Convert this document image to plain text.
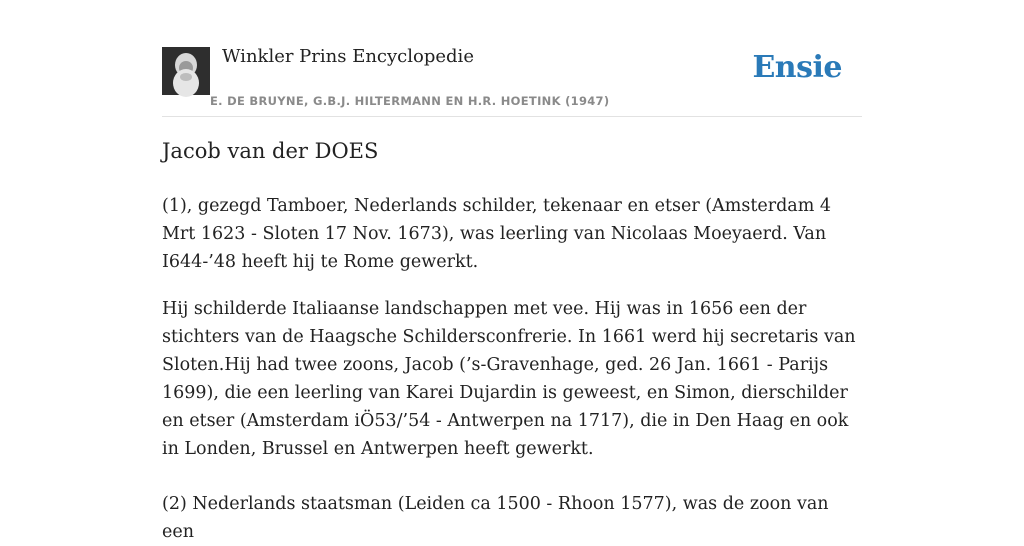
Winkler Prins Encyclopedie
E. DE BRUYNE, G.B.J. HILTERMANN EN H.R. HOETINK (1947)
Ensie
Jacob van der DOES

(1), gezegd Tamboer, Nederlands schilder, tekenaar en etser (Amsterdam 4 Mrt 1623 - Sloten 17 Nov. 1673), was leerling van Nicolaas Moeyaerd. Van I644-’48 heeft hij te Rome gewerkt.

Hij schilderde Italiaanse landschappen met vee. Hij was in 1656 een der stichters van de Haagsche Schildersconfrerie. In 1661 werd hij secretaris van Sloten.Hij had twee zoons, Jacob (’s-Gravenhage, ged. 26 Jan. 1661 - Parijs 1699), die een leerling van Karei Dujardin is geweest, en Simon, dierschilder en etser (Amsterdam iÖ53/’54 - Antwerpen na 1717), die in Den Haag en ook in Londen, Brussel en Antwerpen heeft gewerkt.

(2) Nederlands staatsman (Leiden ca 1500 - Rhoon 1577), was de zoon van een
